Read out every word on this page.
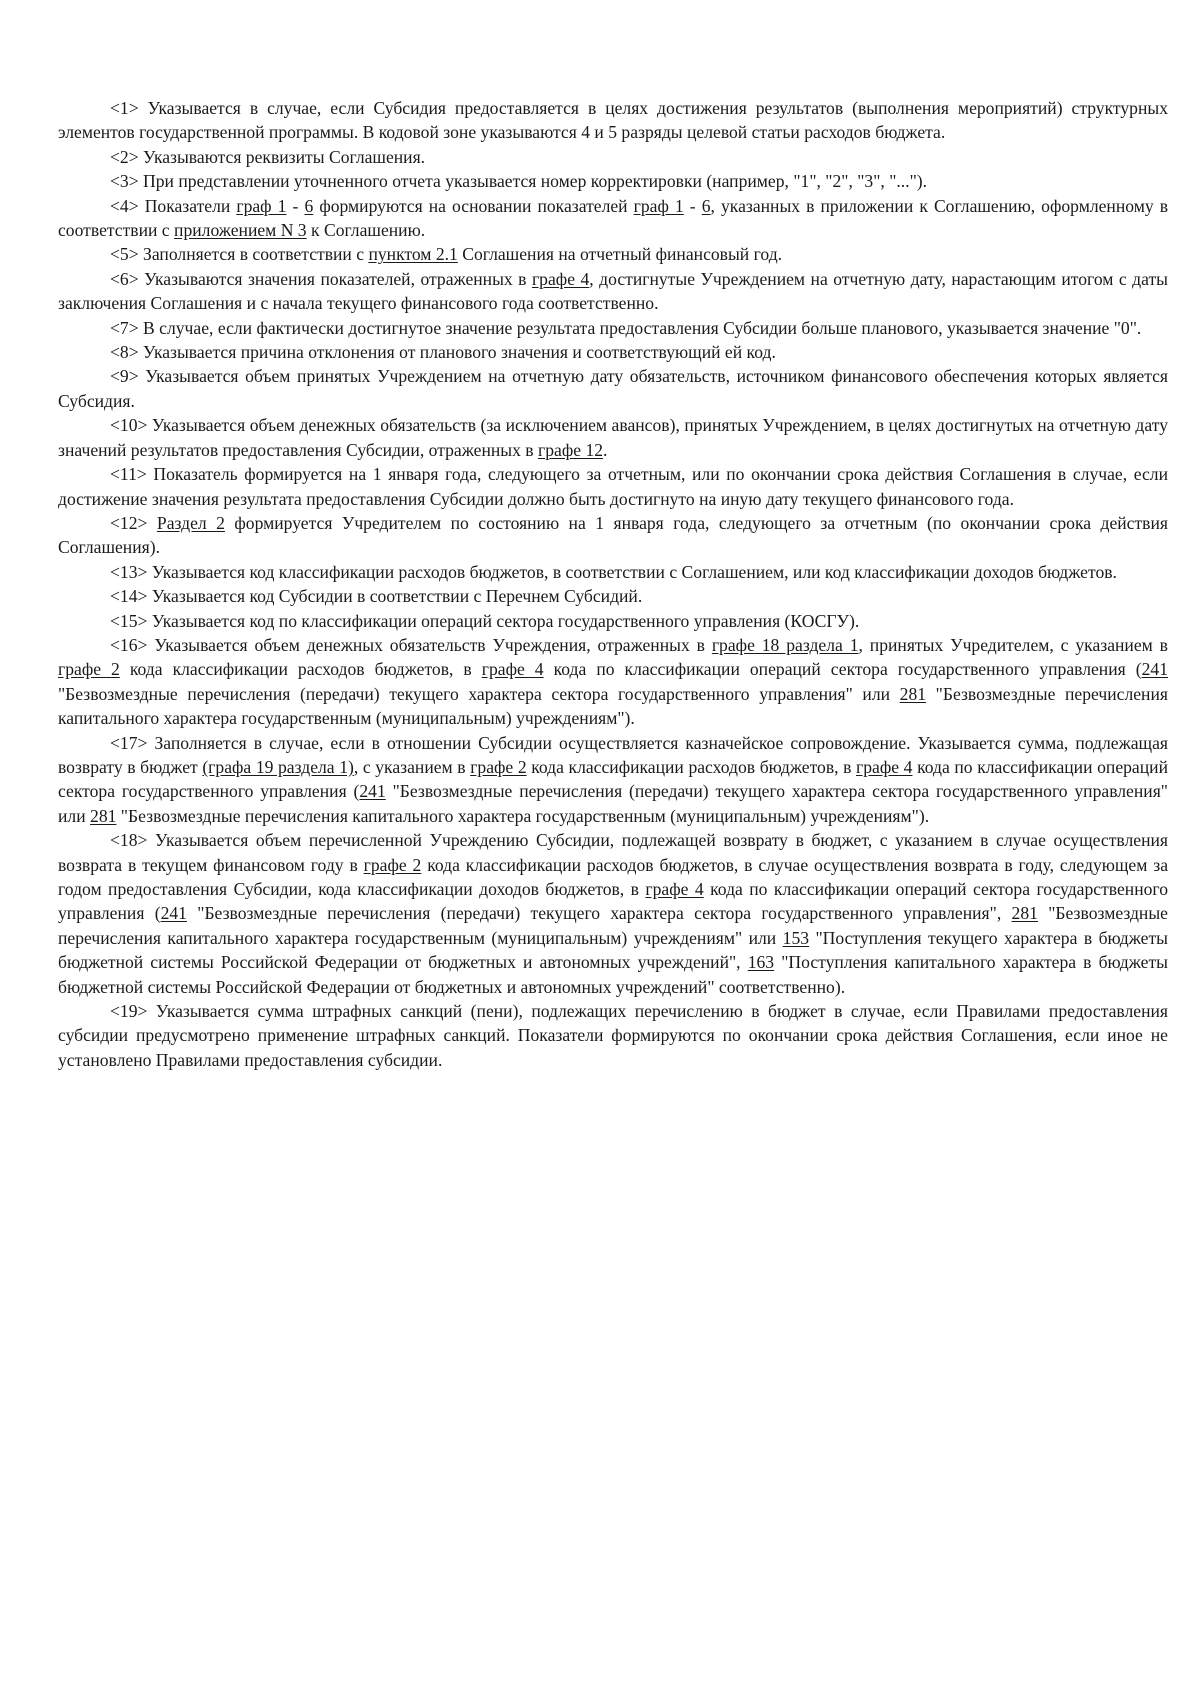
<1> Указывается в случае, если Субсидия предоставляется в целях достижения результатов (выполнения мероприятий) структурных элементов государственной программы. В кодовой зоне указываются 4 и 5 разряды целевой статьи расходов бюджета.

<2> Указываются реквизиты Соглашения.

<3> При представлении уточненного отчета указывается номер корректировки (например, "1", "2", "3", "...").

<4> Показатели граф 1 - 6 формируются на основании показателей граф 1 - 6, указанных в приложении к Соглашению, оформленному в соответствии с приложением N 3 к Соглашению.

<5> Заполняется в соответствии с пунктом 2.1 Соглашения на отчетный финансовый год.

<6> Указываются значения показателей, отраженных в графе 4, достигнутые Учреждением на отчетную дату, нарастающим итогом с даты заключения Соглашения и с начала текущего финансового года соответственно.

<7> В случае, если фактически достигнутое значение результата предоставления Субсидии больше планового, указывается значение "0".

<8> Указывается причина отклонения от планового значения и соответствующий ей код.

<9> Указывается объем принятых Учреждением на отчетную дату обязательств, источником финансового обеспечения которых является Субсидия.

<10> Указывается объем денежных обязательств (за исключением авансов), принятых Учреждением, в целях достигнутых на отчетную дату значений результатов предоставления Субсидии, отраженных в графе 12.

<11> Показатель формируется на 1 января года, следующего за отчетным, или по окончании срока действия Соглашения в случае, если достижение значения результата предоставления Субсидии должно быть достигнуто на иную дату текущего финансового года.

<12> Раздел 2 формируется Учредителем по состоянию на 1 января года, следующего за отчетным (по окончании срока действия Соглашения).

<13> Указывается код классификации расходов бюджетов, в соответствии с Соглашением, или код классификации доходов бюджетов.

<14> Указывается код Субсидии в соответствии с Перечнем Субсидий.

<15> Указывается код по классификации операций сектора государственного управления (КОСГУ).

<16> Указывается объем денежных обязательств Учреждения, отраженных в графе 18 раздела 1, принятых Учредителем, с указанием в графе 2 кода классификации расходов бюджетов, в графе 4 кода по классификации операций сектора государственного управления (241 "Безвозмездные перечисления (передачи) текущего характера сектора государственного управления" или 281 "Безвозмездные перечисления капитального характера государственным (муниципальным) учреждениям").

<17> Заполняется в случае, если в отношении Субсидии осуществляется казначейское сопровождение. Указывается сумма, подлежащая возврату в бюджет (графа 19 раздела 1), с указанием в графе 2 кода классификации расходов бюджетов, в графе 4 кода по классификации операций сектора государственного управления (241 "Безвозмездные перечисления (передачи) текущего характера сектора государственного управления" или 281 "Безвозмездные перечисления капитального характера государственным (муниципальным) учреждениям").

<18> Указывается объем перечисленной Учреждению Субсидии, подлежащей возврату в бюджет, с указанием в случае осуществления возврата в текущем финансовом году в графе 2 кода классификации расходов бюджетов, в случае осуществления возврата в году, следующем за годом предоставления Субсидии, кода классификации доходов бюджетов, в графе 4 кода по классификации операций сектора государственного управления (241 "Безвозмездные перечисления (передачи) текущего характера сектора государственного управления", 281 "Безвозмездные перечисления капитального характера государственным (муниципальным) учреждениям" или 153 "Поступления текущего характера в бюджеты бюджетной системы Российской Федерации от бюджетных и автономных учреждений", 163 "Поступления капитального характера в бюджеты бюджетной системы Российской Федерации от бюджетных и автономных учреждений" соответственно).

<19> Указывается сумма штрафных санкций (пени), подлежащих перечислению в бюджет в случае, если Правилами предоставления субсидии предусмотрено применение штрафных санкций. Показатели формируются по окончании срока действия Соглашения, если иное не установлено Правилами предоставления субсидии.
